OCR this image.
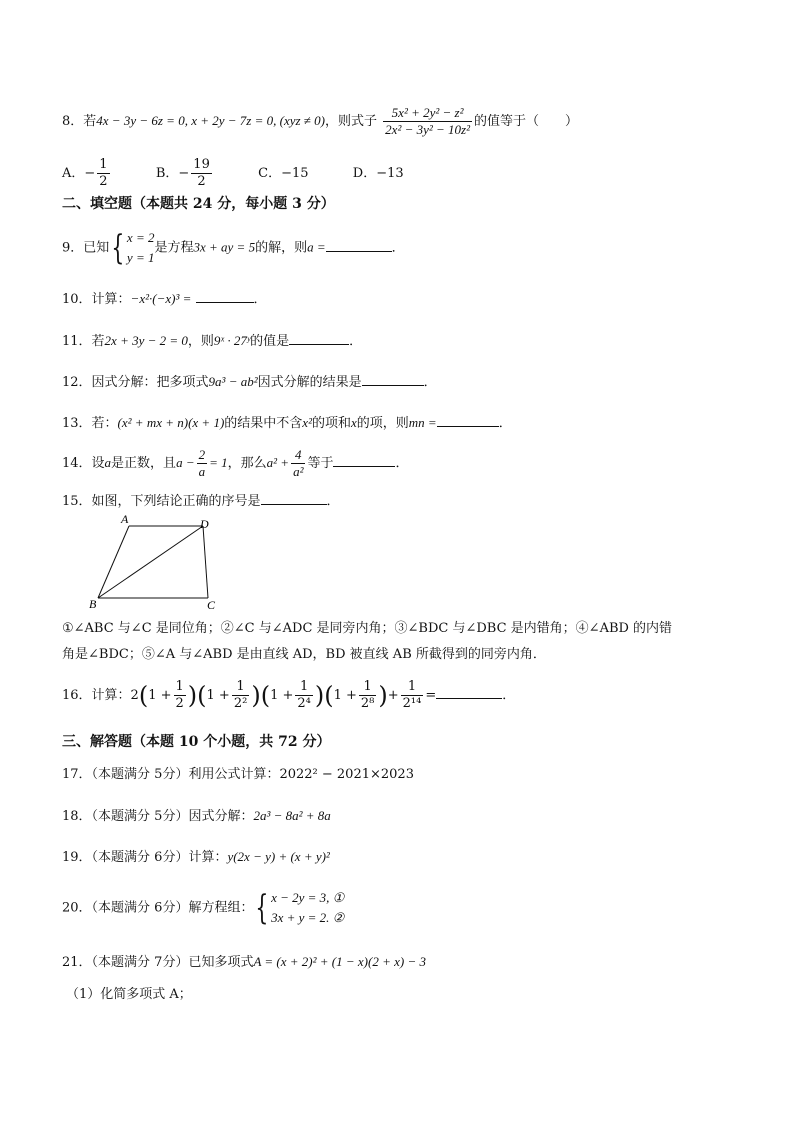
8．若4x − 3y − 6z = 0, x + 2y − 7z = 0, (xyz ≠ 0)，则式子 $\frac{\text{5x² + 2y² − z²}}{\text{2x² − 3y² − 10z²}}$ 的值等于（　　）
A．− $\frac{1}{2}$	B．− $\frac{19}{2}$	C．−15	D．−13
二、填空题（本题共 24 分，每小题 3 分）
9．已知{ x = 2
y = 1
是方程3x + ay = 5的解，则a =	．
10．计算：−x²·(−x)³ =	．
11．若2x + 3y − 2 = 0，则9ˣ · 27ʸ的值是	．
12．因式分解：把多项式9a³ − ab²因式分解的结果是	．
13．若：(x² + mx + n)(x + 1)的结果中不含x²的项和x的项，则mn =	．
14．设a是正数，且$a - \frac{2}{a} = 1$，那么$a^2 + \frac{4}{\text{a²}}$ 等于	．
15．如图，下列结论正确的序号是	．
A	D
B	C
①∠ABC 与∠C 是同位角；②∠C 与∠ADC 是同旁内角；③∠BDC 与∠DBC 是内错角；④∠ABD 的内错
角是∠BDC；⑤∠A 与∠ABD 是由直线 AD，BD 被直线 AB 所截得到的同旁内角．
16．计算：$2(1 + \frac{1}{2} )(1 + \frac{1}{\text{2²}} )(1 + \frac{1}{\text{2⁴}} )(1 + \frac{1}{\text{2⁸}}$ )+ $\frac{1}{\text{2¹⁴}}$ =	．
三、解答题（本题 10 个小题，共 72 分）
17．（本题满分 5分）利用公式计算：2022² − 2021×2023
18．（本题满分 5分）因式分解：2a³ − 8a² + 8a
19．（本题满分 6分）计算：y(2x − y) + (x + y)²
20．（本题满分 6分）解方程组：{ x − 2y = 3, ①
3x + y = 2. ②
21．（本题满分 7分）已知多项式A = (x + 2)² + (1 − x)(2 + x) − 3
（1）化简多项式 A；
